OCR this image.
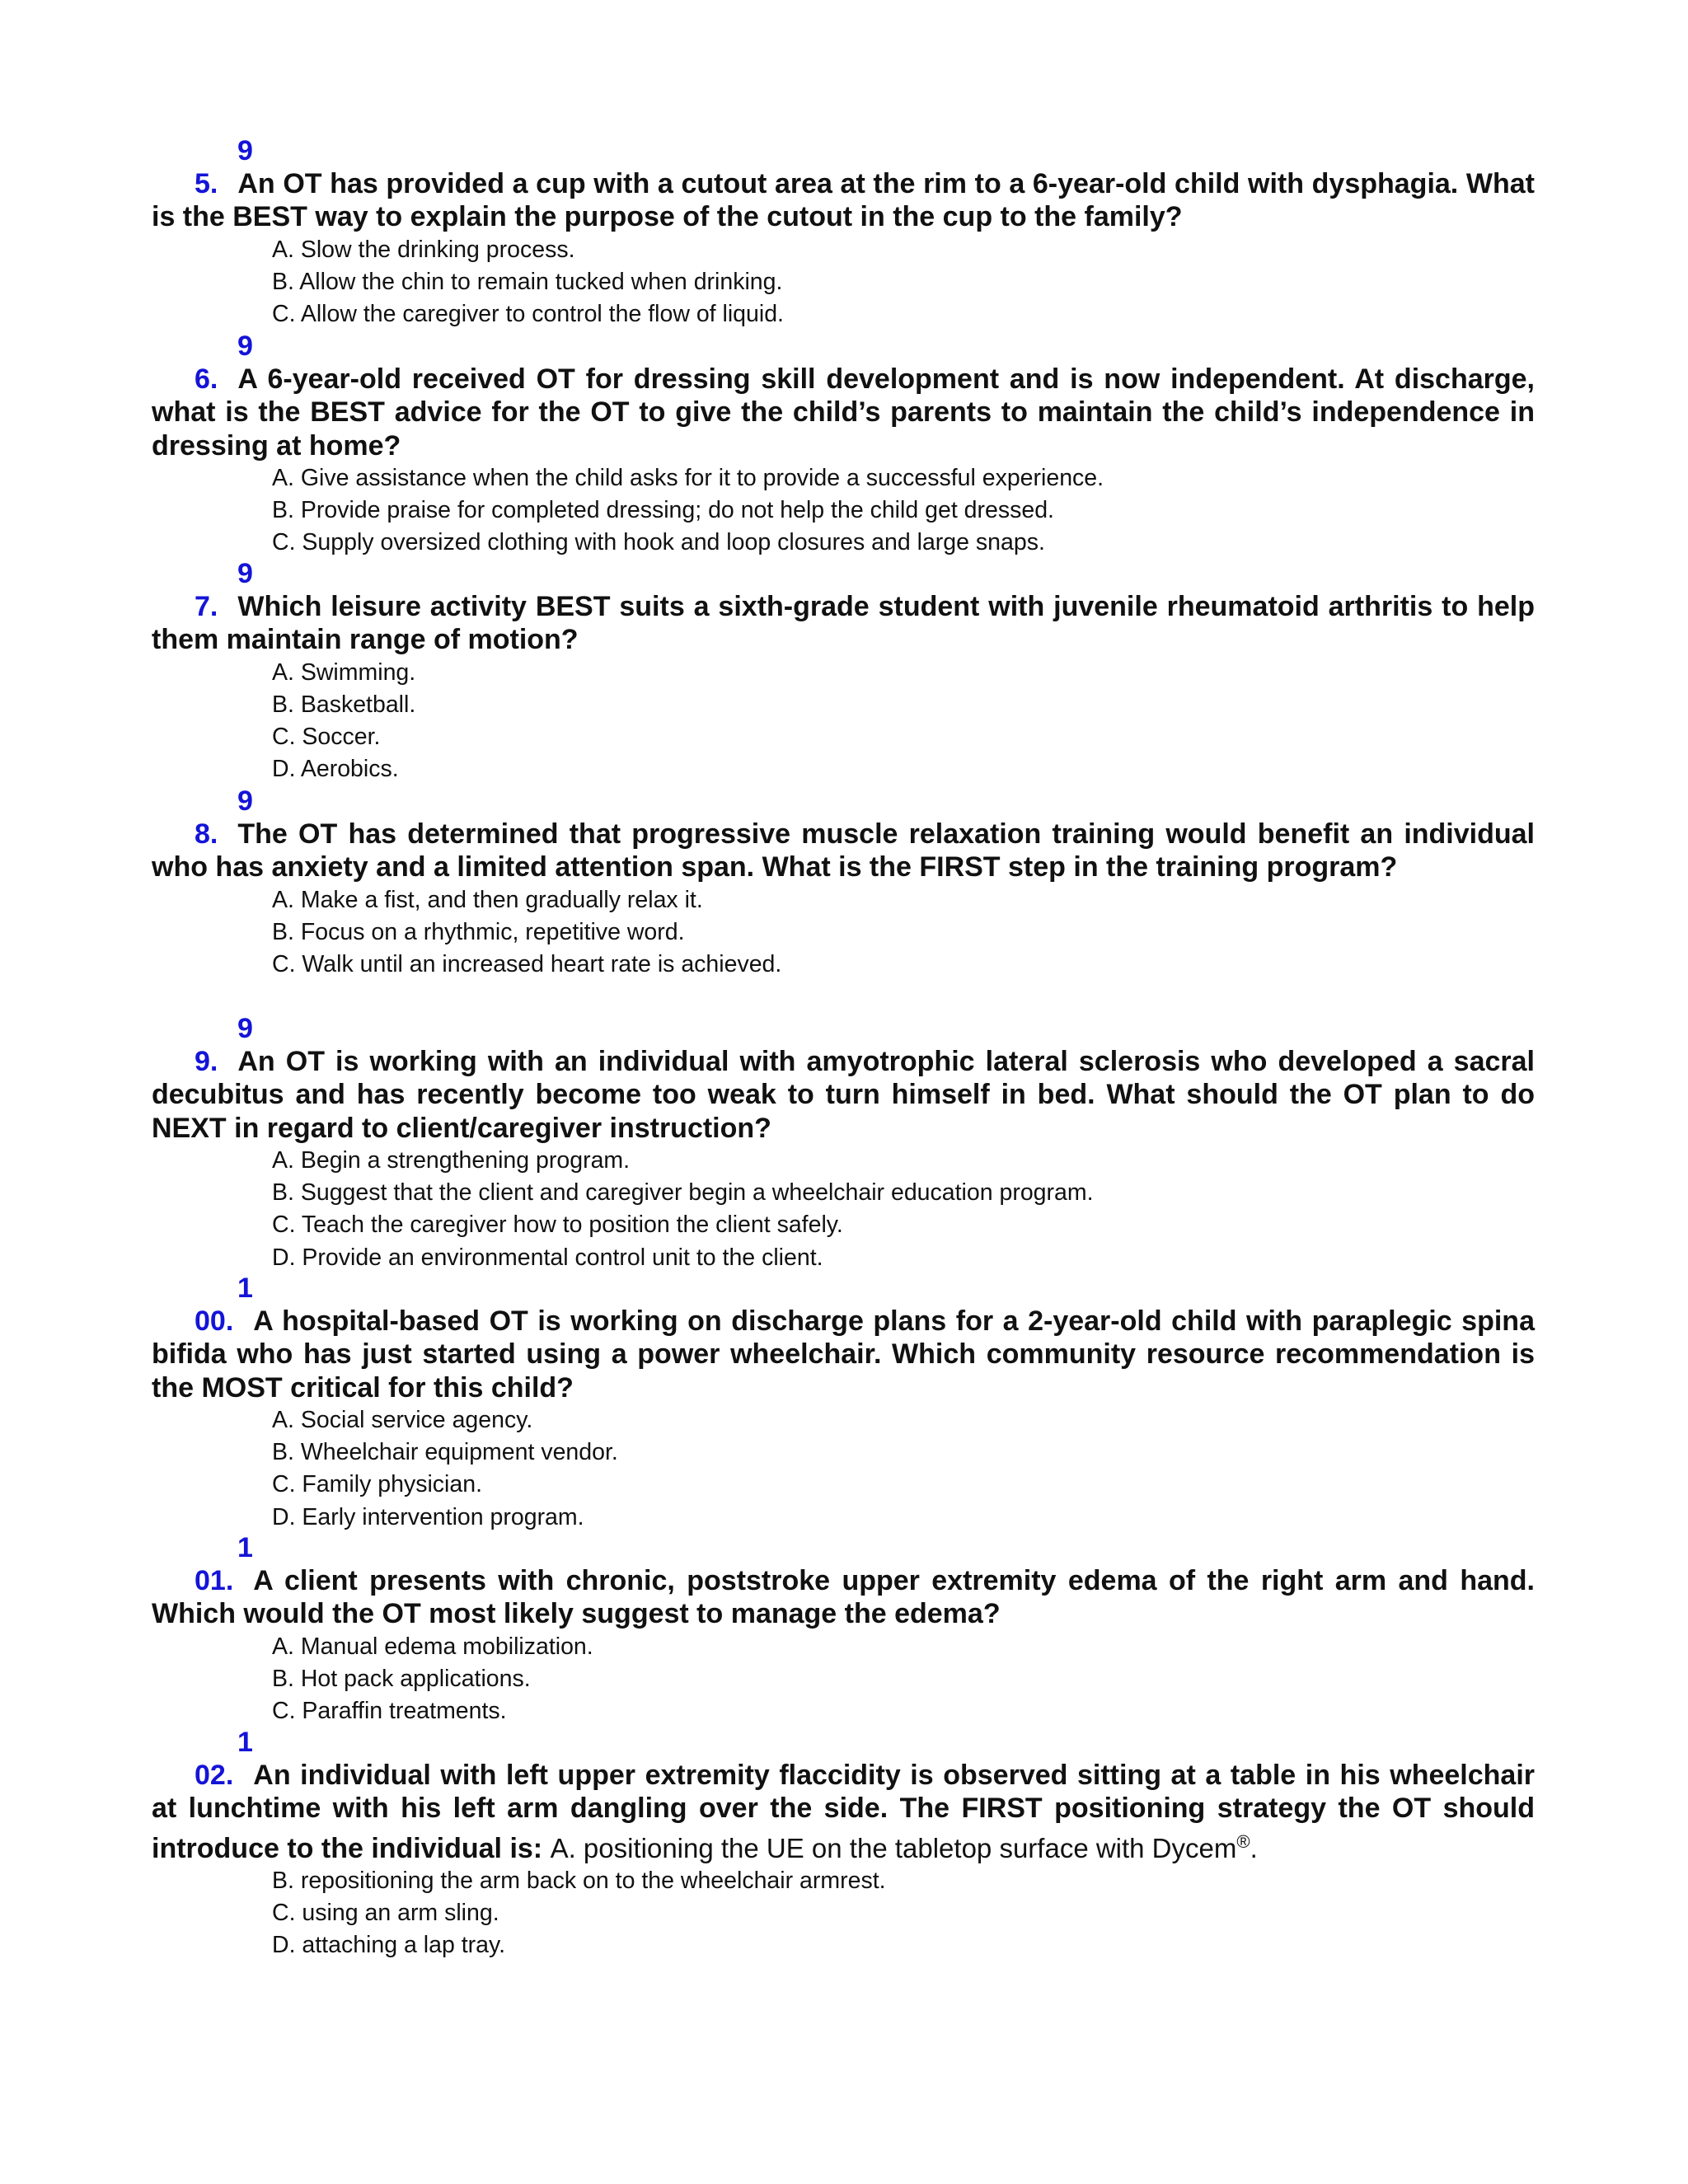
9
5. An OT has provided a cup with a cutout area at the rim to a 6-year-old child with dysphagia. What is the BEST way to explain the purpose of the cutout in the cup to the family?
A. Slow the drinking process.
B. Allow the chin to remain tucked when drinking.
C. Allow the caregiver to control the flow of liquid.
9
6. A 6-year-old received OT for dressing skill development and is now independent. At discharge, what is the BEST advice for the OT to give the child’s parents to maintain the child’s independence in dressing at home?
A. Give assistance when the child asks for it to provide a successful experience.
B. Provide praise for completed dressing; do not help the child get dressed.
C. Supply oversized clothing with hook and loop closures and large snaps.
9
7. Which leisure activity BEST suits a sixth-grade student with juvenile rheumatoid arthritis to help them maintain range of motion?
A. Swimming.
B. Basketball.
C. Soccer.
D. Aerobics.
9
8. The OT has determined that progressive muscle relaxation training would benefit an individual who has anxiety and a limited attention span. What is the FIRST step in the training program?
A. Make a fist, and then gradually relax it.
B. Focus on a rhythmic, repetitive word.
C. Walk until an increased heart rate is achieved.
9
9. An OT is working with an individual with amyotrophic lateral sclerosis who developed a sacral decubitus and has recently become too weak to turn himself in bed. What should the OT plan to do NEXT in regard to client/caregiver instruction?
A. Begin a strengthening program.
B. Suggest that the client and caregiver begin a wheelchair education program.
C. Teach the caregiver how to position the client safely.
D. Provide an environmental control unit to the client.
1
00. A hospital-based OT is working on discharge plans for a 2-year-old child with paraplegic spina bifida who has just started using a power wheelchair. Which community resource recommendation is the MOST critical for this child?
A. Social service agency.
B. Wheelchair equipment vendor.
C. Family physician.
D. Early intervention program.
1
01. A client presents with chronic, poststroke upper extremity edema of the right arm and hand. Which would the OT most likely suggest to manage the edema?
A. Manual edema mobilization.
B. Hot pack applications.
C. Paraffin treatments.
1
02. An individual with left upper extremity flaccidity is observed sitting at a table in his wheelchair at lunchtime with his left arm dangling over the side. The FIRST positioning strategy the OT should introduce to the individual is: A. positioning the UE on the tabletop surface with Dycem®.
B. repositioning the arm back on to the wheelchair armrest.
C. using an arm sling.
D. attaching a lap tray.
